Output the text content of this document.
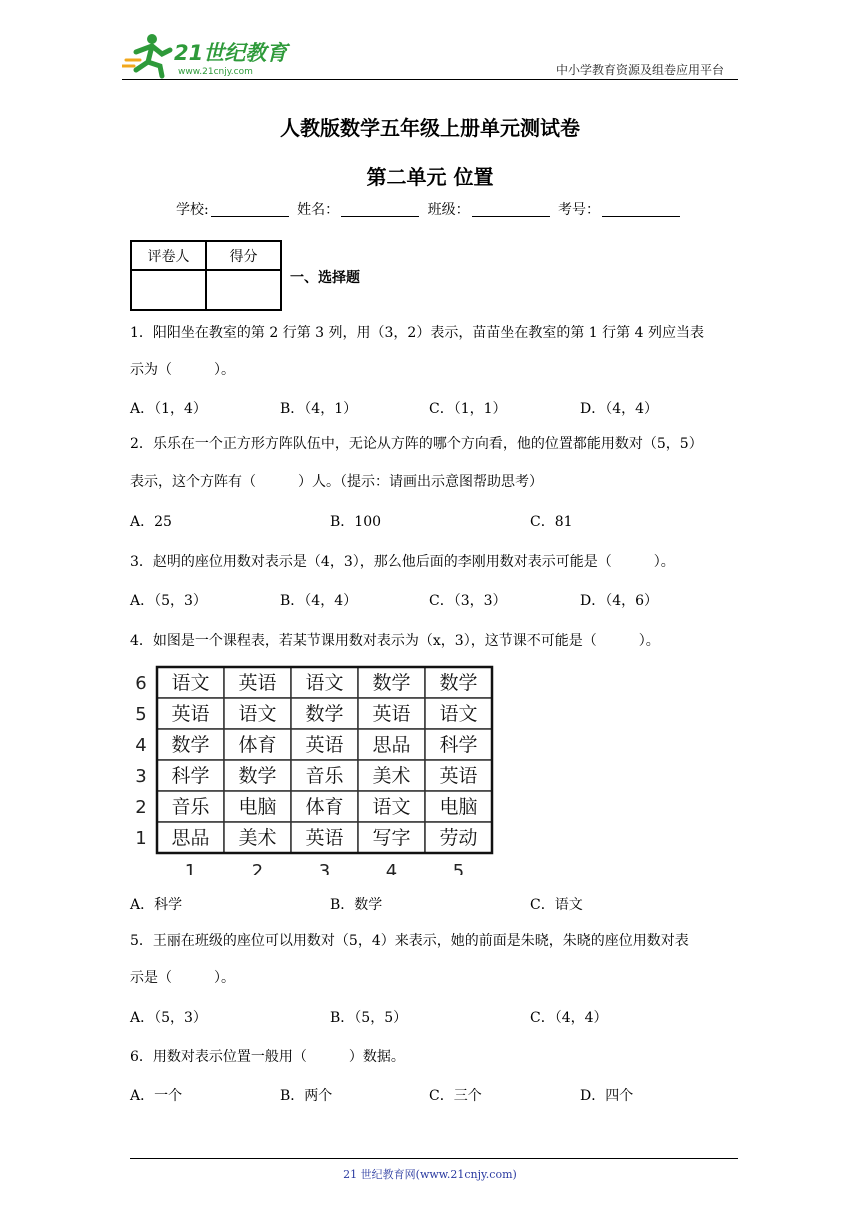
21世纪教育
www.21cnjy.com	中小学教育资源及组卷应用平台
人教版数学五年级上册单元测试卷
第二单元 位置
学校:	姓名：	班级：	考号：
评卷人	得分

一、选择题
1．阳阳坐在教室的第 2 行第 3 列，用（3，2）表示，苗苗坐在教室的第 1 行第 4 列应当表
示为（　　　）。
A．（1，4）	B．（4，1）	C．（1，1）	D．（4，4）
2．乐乐在一个正方形方阵队伍中，无论从方阵的哪个方向看，他的位置都能用数对（5，5）
表示，这个方阵有（　　　）人。（提示：请画出示意图帮助思考）
A．25	B．100	C．81
3．赵明的座位用数对表示是（4，3），那么他后面的李刚用数对表示可能是（　　　）。
A．（5，3）	B．（4，4）	C．（3，3）	D．（4，6）
4．如图是一个课程表，若某节课用数对表示为（x，3），这节课不可能是（　　　）。
语文 英语 语文 数学 数学
英语 语文 数学 英语 语文
数学 体育 英语 思品 科学
科学 数学 音乐 美术 英语
音乐 电脑 体育 语文 电脑
思品 美术 英语 写字 劳动
6
5
4
3
2
1
1	2	3	4	5
A．科学	B．数学	C．语文
5．王丽在班级的座位可以用数对（5，4）来表示，她的前面是朱晓，朱晓的座位用数对表
示是（　　　）。
A．（5，3）	B．（5，5）	C．（4，4）
6．用数对表示位置一般用（　　　）数据。
A．一个	B．两个	C．三个	D．四个
21 世纪教育网(www.21cnjy.com)
